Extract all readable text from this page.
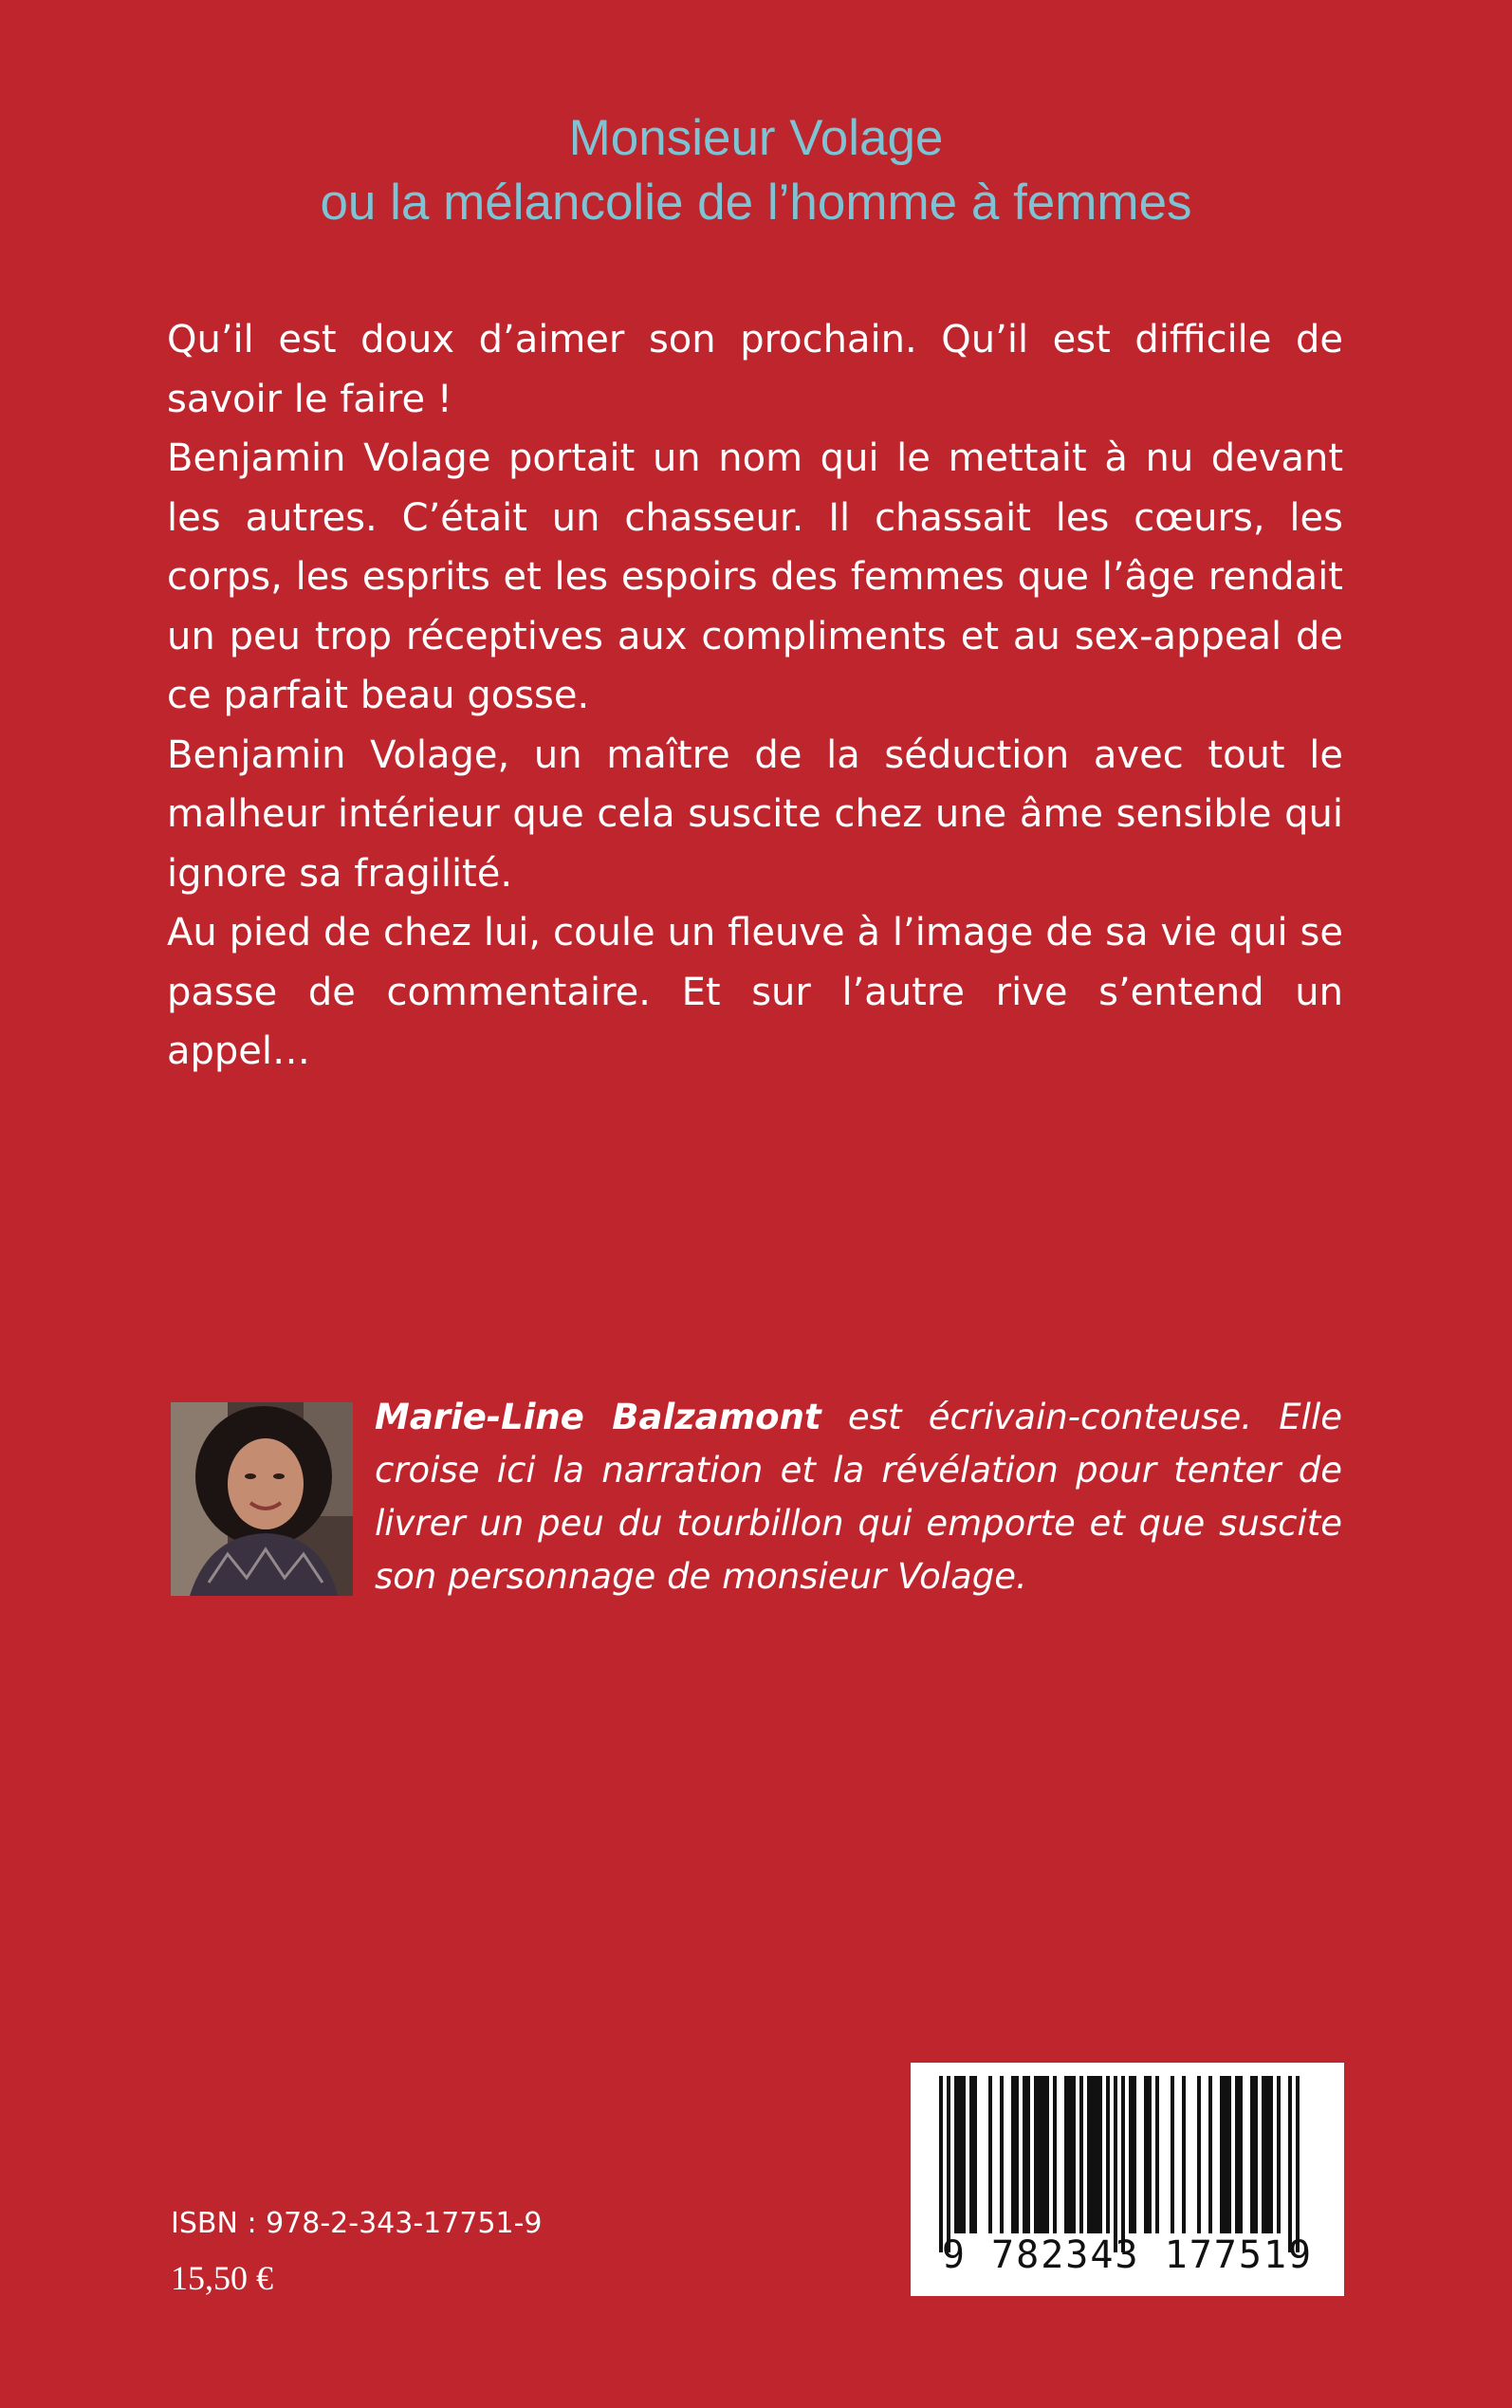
Monsieur Volage
ou la mélancolie de l’homme à femmes

Qu’il est doux d’aimer son prochain. Qu’il est difficile de savoir le faire !

Benjamin Volage portait un nom qui le mettait à nu devant les autres. C’était un chasseur. Il chassait les cœurs, les corps, les esprits et les espoirs des femmes que l’âge rendait un peu trop réceptives aux compliments et au sex-appeal de ce parfait beau gosse.

Benjamin Volage, un maître de la séduction avec tout le malheur intérieur que cela suscite chez une âme sensible qui ignore sa fragilité.

Au pied de chez lui, coule un fleuve à l’image de sa vie qui se passe de commentaire. Et sur l’autre rive s’entend un appel…

Marie-Line Balzamont est écrivain-conteuse. Elle croise ici la narration et la révélation pour tenter de livrer un peu du tourbillon qui emporte et que suscite son personnage de monsieur Volage.
ISBN : 978-2-343-17751-9
15,50 €
9 782343 177519
